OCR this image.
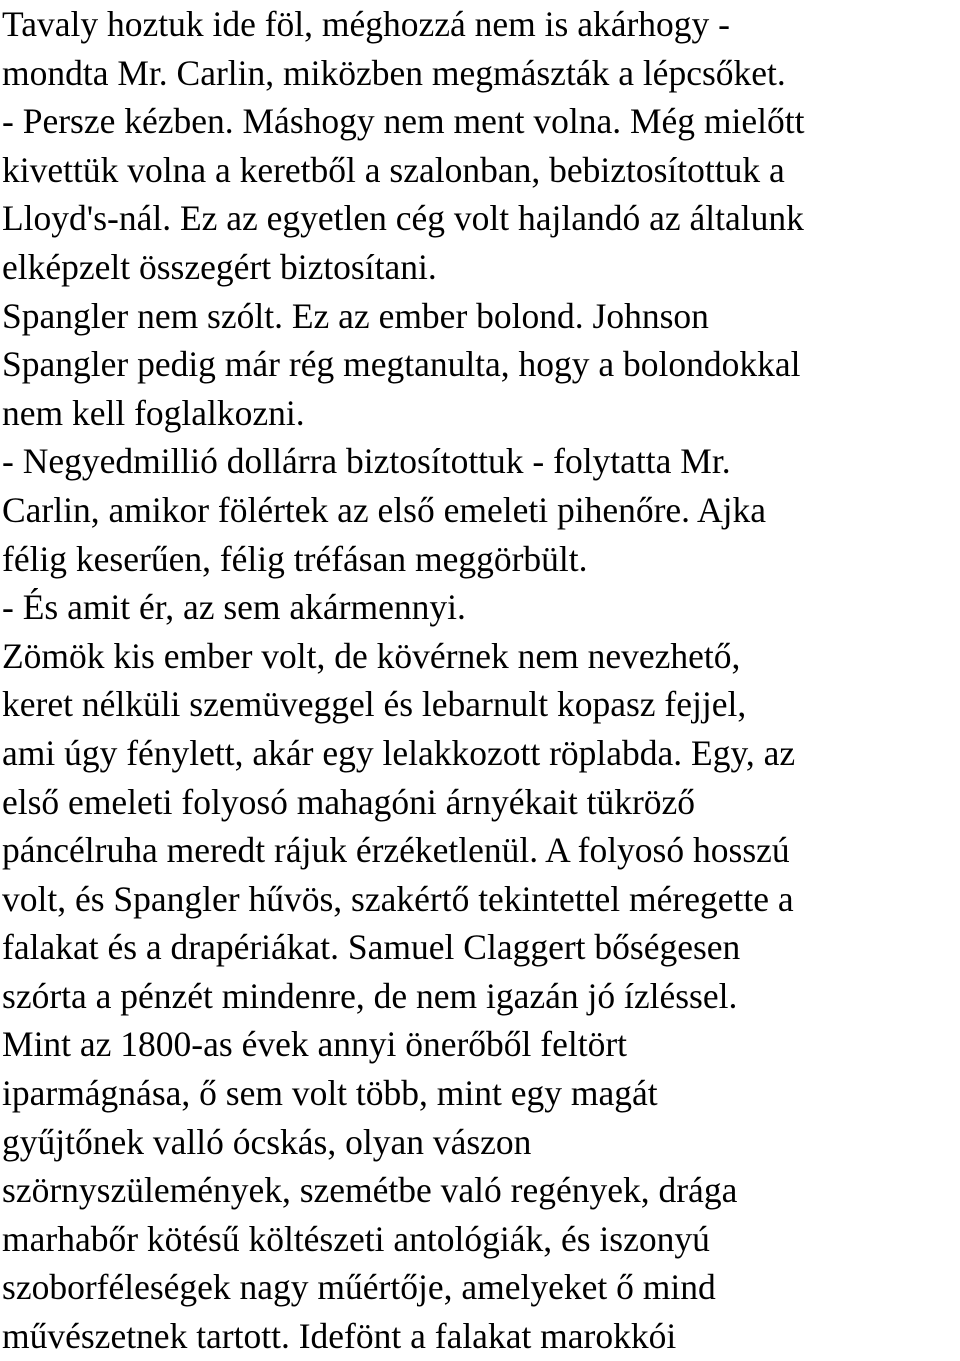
Tavaly hoztuk ide föl, méghozzá nem is akárhogy -
mondta Mr. Carlin, miközben megmászták a lépcsőket.
- Persze kézben. Máshogy nem ment volna. Még mielőtt
kivettük volna a keretből a szalonban, bebiztosítottuk a
Lloyd's-nál. Ez az egyetlen cég volt hajlandó az általunk
elképzelt összegért biztosítani.
Spangler nem szólt. Ez az ember bolond. Johnson
Spangler pedig már rég megtanulta, hogy a bolondokkal
nem kell foglalkozni.
- Negyedmillió dollárra biztosítottuk - folytatta Mr.
Carlin, amikor fölértek az első emeleti pihenőre. Ajka
félig keserűen, félig tréfásan meggörbült.
- És amit ér, az sem akármennyi.
Zömök kis ember volt, de kövérnek nem nevezhető,
keret nélküli szemüveggel és lebarnult kopasz fejjel,
ami úgy fénylett, akár egy lelakkozott röplabda. Egy, az
első emeleti folyosó mahagóni árnyékait tükröző
páncélruha meredt rájuk érzéketlenül. A folyosó hosszú
volt, és Spangler hűvös, szakértő tekintettel méregette a
falakat és a drapériákat. Samuel Claggert bőségesen
szórta a pénzét mindenre, de nem igazán jó ízléssel.
Mint az 1800-as évek annyi önerőből feltört
iparmágnása, ő sem volt több, mint egy magát
gyűjtőnek valló ócskás, olyan vászon
szörnyszülemények, szemétbe való regények, drága
marhabőr kötésű költészeti antológiák, és iszonyú
szoborféleségek nagy műértője, amelyeket ő mind
művészetnek tartott. Idefönt a falakat marokkói
